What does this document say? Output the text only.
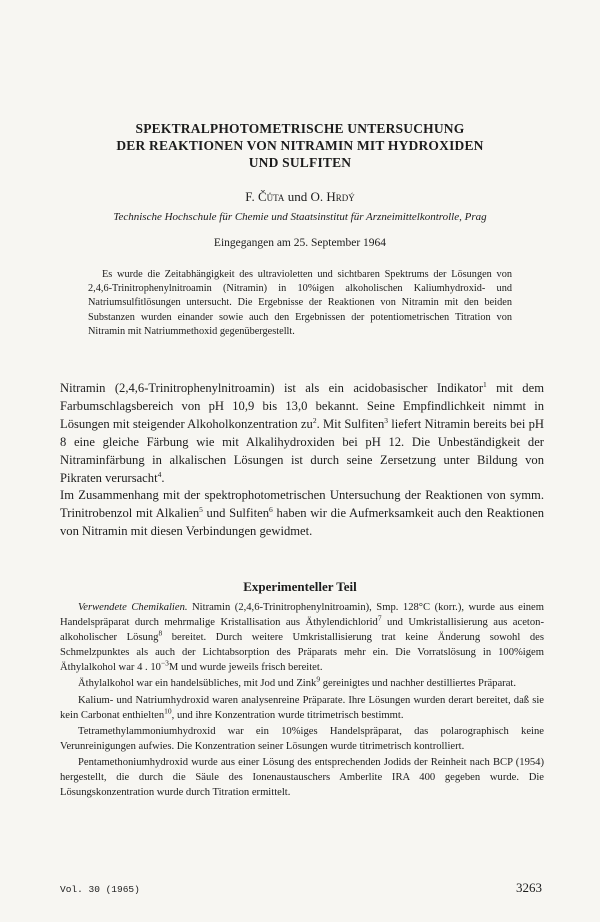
SPEKTRALPHOTOMETRISCHE UNTERSUCHUNG
DER REAKTIONEN VON NITRAMIN MIT HYDROXIDEN
UND SULFITEN
F. Čůta und O. Hrdý
Technische Hochschule für Chemie und Staatsinstitut für Arzneimittelkontrolle, Prag
Eingegangen am 25. September 1964
Es wurde die Zeitabhängigkeit des ultravioletten und sichtbaren Spektrums der Lösungen von 2,4,6-Trinitrophenylnitroamin (Nitramin) in 10%igen alkoholischen Kaliumhydroxid- und Natriumsulfitlösungen untersucht. Die Ergebnisse der Reaktionen von Nitramin mit den beiden Substanzen wurden einander sowie auch den Ergebnissen der potentiometrischen Titration von Nitramin mit Natriummethoxid gegenübergestellt.

Nitramin (2,4,6-Trinitrophenylnitroamin) ist als ein acidobasischer Indikator$^1$ mit dem Farbumschlagsbereich von pH 10,9 bis 13,0 bekannt. Seine Empfindlichkeit nimmt in Lösungen mit steigender Alkoholkonzentration $zu^2$. Mit Sulfiten$^3$ liefert Nitramin bereits bei pH 8 eine gleiche Färbung wie mit Alkalihydroxiden bei pH 12. Die Unbeständigkeit der Nitraminfärbung in alkalischen Lösungen ist durch seine Zersetzung unter Bildung von Pikraten verursacht$^4$.

Im Zusammenhang mit der spektrophotometrischen Untersuchung der Reaktionen von symm. Trinitrobenzol mit Alkalien$^5$ und Sulfiten$^6$ haben wir die Aufmerksamkeit auch den Reaktionen von Nitramin mit diesen Verbindungen gewidmet.

Experimenteller Teil

Verwendete Chemikalien. Nitramin (2,4,6-Trinitrophenylnitroamin), Smp. 128°C (korr.), wurde aus einem Handelspräparat durch mehrmalige Kristallisation aus Äthylendichlorid$^7$ und Umkristallisierung aus aceton-alkoholischer Lösung$^8$ bereitet. Durch weitere Umkristallisierung trat keine Änderung sowohl des Schmelzpunktes als auch der Lichtabsorption des Präparats mehr ein. Die Vorratslösung in 100%igem Äthylalkohol war 4 . $10^{-3}M$ und wurde jeweils frisch bereitet.

Äthylalkohol war ein handelsübliches, mit Jod und Zink$^9$ gereinigtes und nachher destilliertes Präparat.

Kalium- und Natriumhydroxid waren analysenreine Präparate. Ihre Lösungen wurden derart bereitet, daß sie kein Carbonat enthielten$^{10}$, und ihre Konzentration wurde titrimetrisch bestimmt.

Tetramethylammoniumhydroxid war ein 10%iges Handelspräparat, das polarographisch keine Verunreinigungen aufwies. Die Konzentration seiner Lösungen wurde titrimetrisch kontrolliert.

Pentamethoniumhydroxid wurde aus einer Lösung des entsprechenden Jodids der Reinheit nach BCP (1954) hergestellt, die durch die Säule des Ionenaustauschers Amberlite IRA 400 gegeben wurde. Die Lösungskonzentration wurde durch Titration ermittelt.

Vol. 30 (1965)	3263
